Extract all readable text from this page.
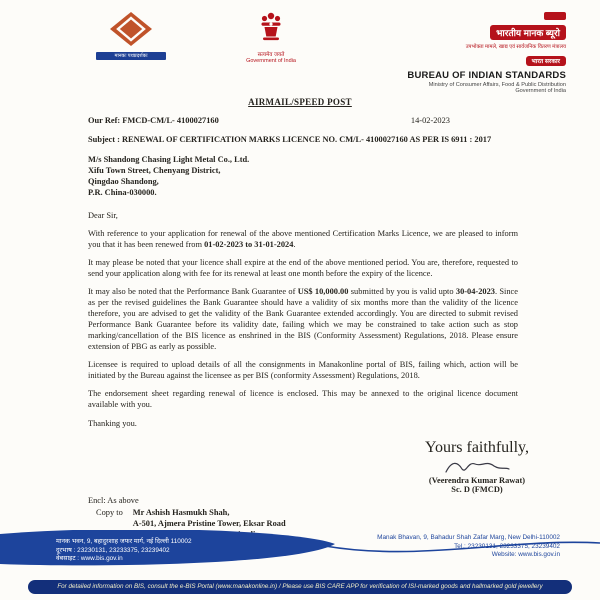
मानकः पथप्रदर्शकः	सत्यमेव जयते
Government of India
भारतीय मानक ब्यूरो
उपभोक्ता मामले, खाद्य एवं सार्वजनिक वितरण मंत्रालय
भारत सरकार
BUREAU OF INDIAN STANDARDS
Ministry of Consumer Affairs, Food & Public Distribution
Government of India
AIRMAIL/SPEED POST
Our Ref: FMCD-CM/L- 4100027160	14-02-2023
Subject : RENEWAL OF CERTIFICATION MARKS LICENCE NO. CM/L- 4100027160 AS PER IS 6911 : 2017
M/s Shandong Chasing Light Metal Co., Ltd.
Xifu Town Street, Chenyang District,
Qingdao Shandong,
P.R. China-030000.
Dear Sir,

With reference to your application for renewal of the above mentioned Certification Marks Licence, we are pleased to inform you that it has been renewed from 01-02-2023 to 31-01-2024.

It may please be noted that your licence shall expire at the end of the above mentioned period. You are, therefore, requested to send your application along with fee for its renewal at least one month before the expiry of the licence.

It may also be noted that the Performance Bank Guarantee of US$ 10,000.00 submitted by you is valid upto 30-04-2023. Since as per the revised guidelines the Bank Guarantee should have a validity of six months more than the validity of the licence therefore, you are advised to get the validity of the Bank Guarantee extended accordingly. You are directed to submit revised Performance Bank Guarantee before its validity date, failing which we may be constrained to take action such as stop marking/cancellation of the BIS licence as enshrined in the BIS (Conformity Assessment) Regulations, 2018. Please ensure extension of PBG as early as possible.

Licensee is required to upload details of all the consignments in Manakonline portal of BIS, failing which, action will be initiated by the Bureau against the licensee as per BIS (conformity Assessment) Regulations, 2018.

The endorsement sheet regarding renewal of licence is enclosed. This may be annexed to the original licence document available with you.

Thanking you.
Yours faithfully,
(Veerendra Kumar Rawat)
Sc. D (FMCD)
Encl: As above
Copy to Mr Ashish Hasmukh Shah,
A-501, Ajmera Pristine Tower, Eksar Road
मानक भवन, 9, बहादुरशाह जफर मार्ग, नई दिल्ली 110002
दूरभाष : 23230131, 23233375, 23239402
वेबसाइट : www.bis.gov.in
Manak Bhavan, 9, Bahadur Shah Zafar Marg, New Delhi-110002
Tel.: 23230131, 23233375, 23239402
Website: www.bis.gov.in
For detailed information on BIS, consult the e-BIS Portal (www.manakonline.in) / Please use BIS CARE APP for verification of ISI-marked goods and hallmarked gold jewellery
